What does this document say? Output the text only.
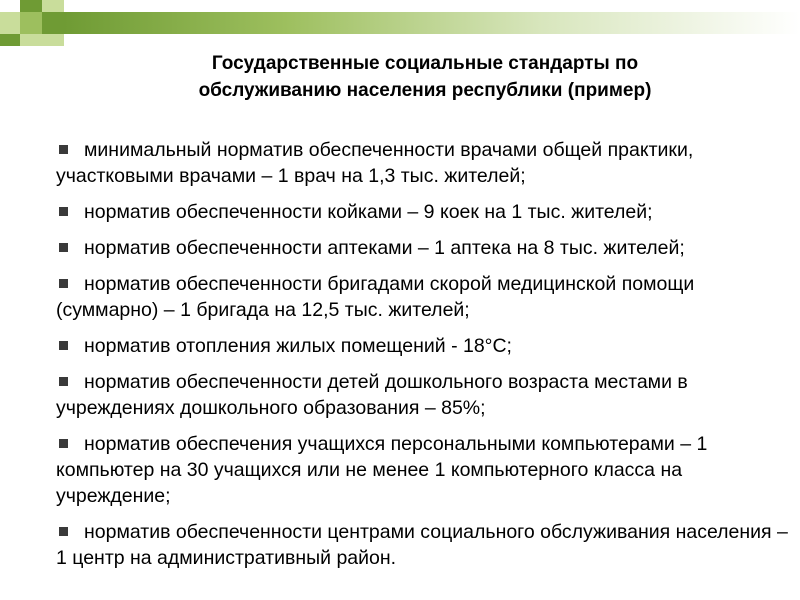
Государственные социальные стандарты по
обслуживанию населения республики (пример)
минимальный норматив обеспеченности врачами общей практики, участковыми врачами – 1 врач на 1,3 тыс. жителей;
норматив обеспеченности койками – 9 коек на 1 тыс. жителей;
норматив обеспеченности аптеками – 1 аптека на 8 тыс. жителей;
норматив обеспеченности бригадами скорой медицинской помощи (суммарно) – 1 бригада на 12,5 тыс. жителей;
норматив отопления жилых помещений - 18°С;
норматив обеспеченности детей дошкольного возраста местами в учреждениях дошкольного образования – 85%;
норматив обеспечения учащихся персональными компьютерами – 1 компьютер на 30 учащихся или не менее 1 компьютерного класса на учреждение;
норматив обеспеченности центрами социального обслуживания населения – 1 центр на административный район.
